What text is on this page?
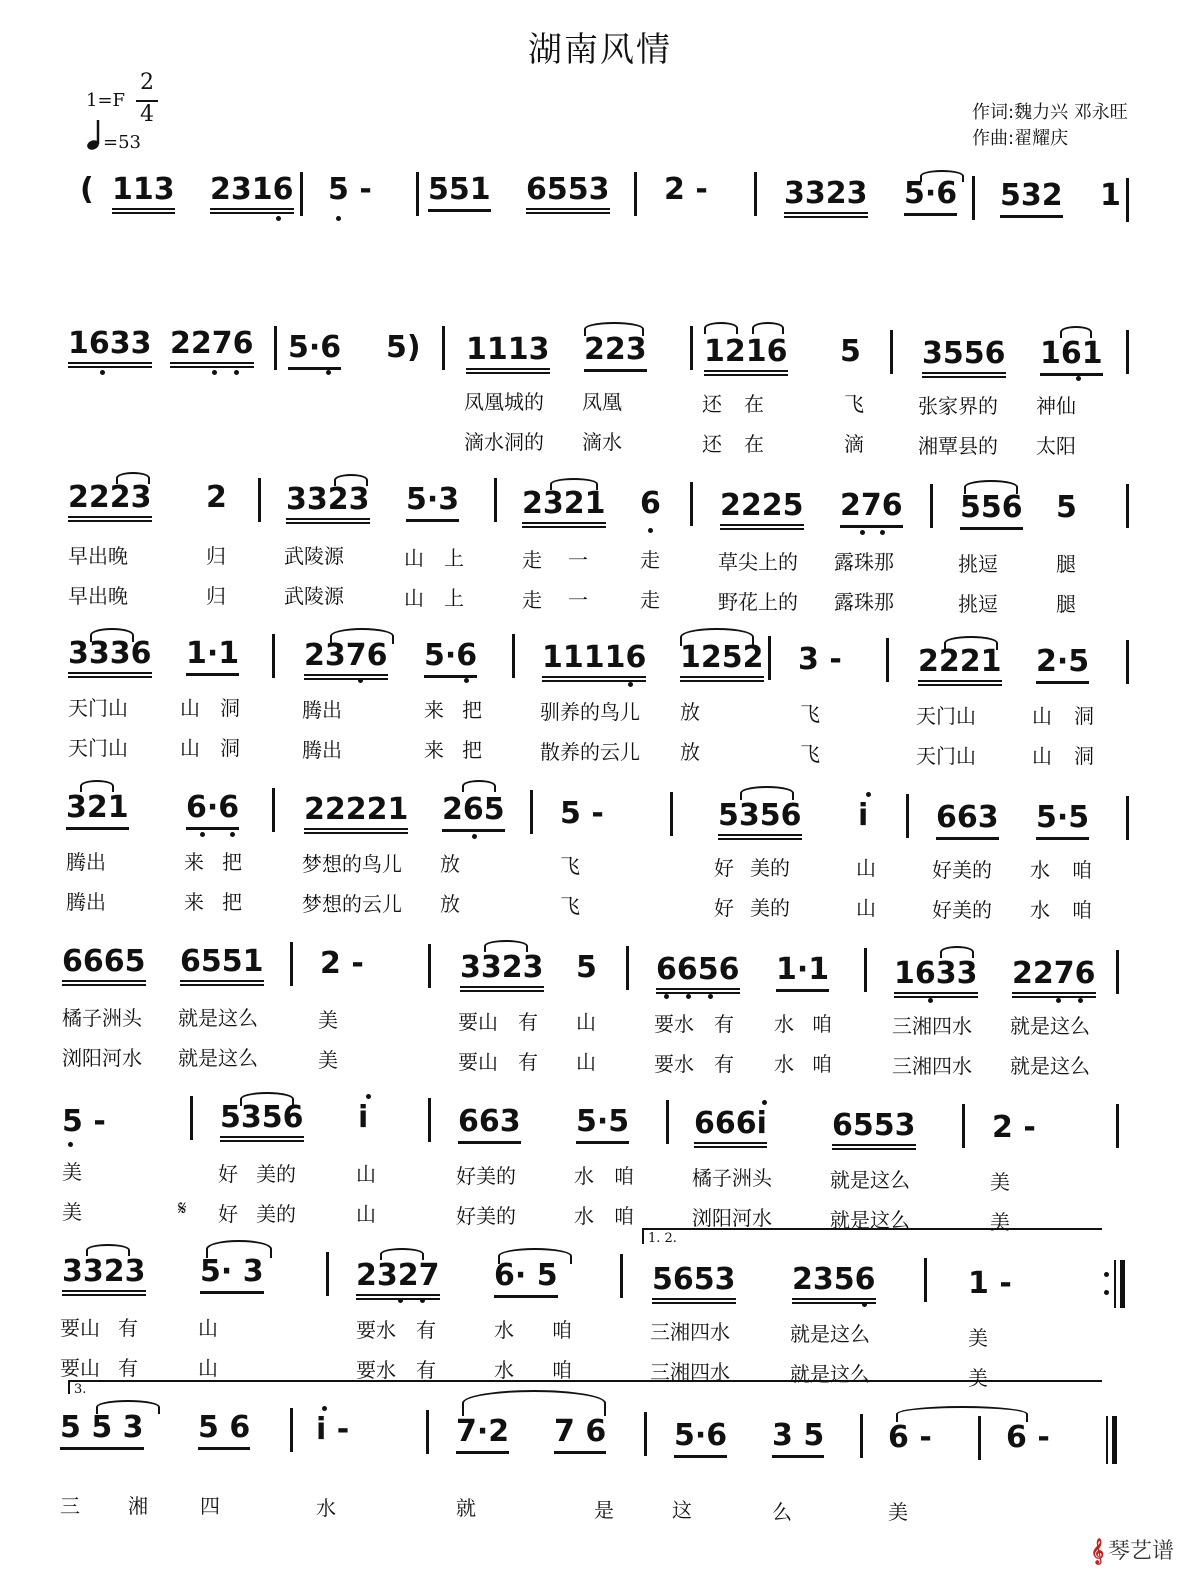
湖南风情
1=F
2
4
=53
作词:魏力兴 邓永旺
作曲:翟耀庆
( 113 2316 5 - 551 6553 2 -	3323 5·6 532 1
1633 2276 5·6 5) 1113 223 1216 5 3556 161
凤凰城的 凤凰	还 在	飞	张家界的 神仙
滴水洞的 滴水	还 在	滴	湘覃县的 太阳
2223 2 3323 5·3 2321 6 2225 276 556 5
早出晚	归	武陵源	山 上	走 一	走	草尖上的 露珠那	挑逗	腿
早出晚	归	武陵源	山 上	走 一	走	野花上的 露珠那	挑逗	腿
3336 1·1 2376 5·6 11116 1252 3 -	2221 2·5
天门山	山 洞	腾出	来 把	驯养的鸟儿 放	飞	天门山	山 洞
天门山	山 洞	腾出	来 把	散养的云儿 放	飞	天门山	山 洞
321 6·6 22221 265 5 -	5356 i 663 5·5
腾出	来 把	梦想的鸟儿 放	飞	好 美的	山	好美的 水 咱
腾出	来 把	梦想的云儿 放	飞	好 美的	山	好美的 水 咱
6665 6551 2 -	3323 5 6656 1·1 1633 2276
橘子洲头 就是这么	美	要山 有 山	要水 有 水 咱	三湘四水 就是这么
浏阳河水 就是这么	美	要山 有 山	要水 有 水 咱	三湘四水 就是这么
5 -	5356 i	663 5·5 666i 6553	2 -
美	好 美的	山	好美的	水 咱	橘子洲头	就是这么	美
美	𝄋 好 美的	山	好美的	水 咱	浏阳河水	就是这么	美
1. 2.
3323 5· 3	2327 6· 5	5653 2356	1 -
要山 有	山	要水 有	水 咱	三湘四水	就是这么	美
要山 有	山	要水 有	水 咱	三湘四水	就是这么	美
3.
5 5 3 5 6 i -	7·2 7 6 5·6 3 5 6 - 6 -
三 湘	四	水	就	是	这	么	美
𝄞 琴艺谱
